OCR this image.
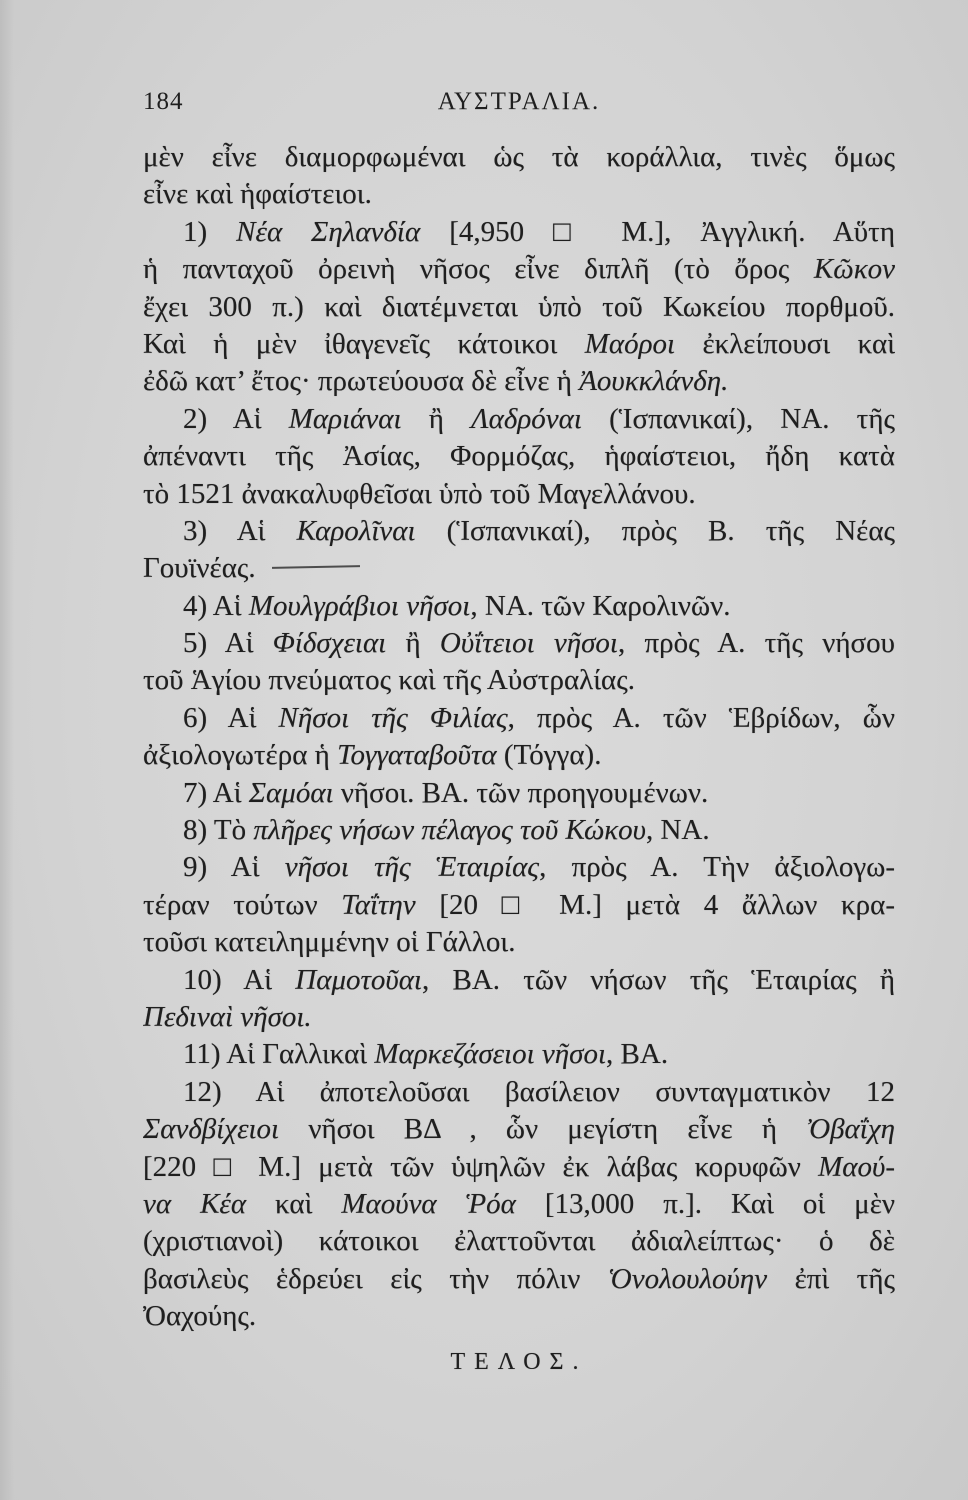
184	ΑΥΣΤΡΑΛΙΑ.
μὲν εἶνε διαμορφωμέναι ὡς τὰ κοράλλια, τινὲς ὅμως
εἶνε καὶ ἡφαίστειοι.
1) Νέα Σηλανδία [4,950 □ Μ.], Ἀγγλική. Αὕτη
ἡ πανταχοῦ ὀρεινὴ νῆσος εἶνε διπλῆ (τὸ ὄρος Κῶκον
ἔχει 300 π.) καὶ διατέμνεται ὑπὸ τοῦ Κωκείου πορθμοῦ.
Καὶ ἡ μὲν ἰθαγενεῖς κάτοικοι Μαόροι ἐκλείπουσι καὶ
ἐδῶ κατ’ ἔτος· πρωτεύουσα δὲ εἶνε ἡ Ἀουκκλάνδη.
2) Αἱ Μαριάναι ἢ Λαδρόναι (Ἱσπανικαί), ΝΑ. τῆς
ἀπέναντι τῆς Ἀσίας, Φορμόζας, ἡφαίστειοι, ἤδη κατὰ
τὸ 1521 ἀνακαλυφθεῖσαι ὑπὸ τοῦ Μαγελλάνου.
3) Αἱ Καρολῖναι (Ἱσπανικαί), πρὸς Β. τῆς Νέας
Γουϊνέας.
4) Αἱ Μουλγράβιοι νῆσοι, ΝΑ. τῶν Καρολινῶν.
5) Αἱ Φίδσχειαι ἢ Οὐΐτειοι νῆσοι, πρὸς Α. τῆς νήσου
τοῦ Ἁγίου πνεύματος καὶ τῆς Αὐστραλίας.
6) Αἱ Νῆσοι τῆς Φιλίας, πρὸς Α. τῶν Ἑβρίδων, ὧν
ἀξιολογωτέρα ἡ Τογγαταβοῦτα (Τόγγα).
7) Αἱ Σαμόαι νῆσοι. ΒΑ. τῶν προηγουμένων.
8) Τὸ πλῆρες νήσων πέλαγος τοῦ Κώκου, ΝΑ.
9) Αἱ νῆσοι τῆς Ἑταιρίας, πρὸς Α. Τὴν ἀξιολογω-
τέραν τούτων Ταΐτην [20 □ Μ.] μετὰ 4 ἄλλων κρα-
τοῦσι κατειλημμένην οἱ Γάλλοι.
10) Αἱ Παμοτοῦαι, ΒΑ. τῶν νήσων τῆς Ἑταιρίας ἢ
Πεδιναὶ νῆσοι.
11) Αἱ Γαλλικαὶ Μαρκεζάσειοι νῆσοι, ΒΑ.
12) Αἱ ἀποτελοῦσαι βασίλειον συνταγματικὸν 12
Σανδβίχειοι νῆσοι ΒΔ , ὧν μεγίστη εἶνε ἡ Ὀβαΐχη
[220 □ Μ.] μετὰ τῶν ὑψηλῶν ἐκ λάβας κορυφῶν Μαού-
να Κέα καὶ Μαούνα Ῥόα [13,000 π.]. Καὶ οἱ μὲν
(χριστιανοὶ) κάτοικοι ἐλαττοῦνται ἀδιαλείπτως· ὁ δὲ
βασιλεὺς ἑδρεύει εἰς τὴν πόλιν Ὁνολουλούην ἐπὶ τῆς
Ὀαχούης.
ΤΕΛΟΣ.
